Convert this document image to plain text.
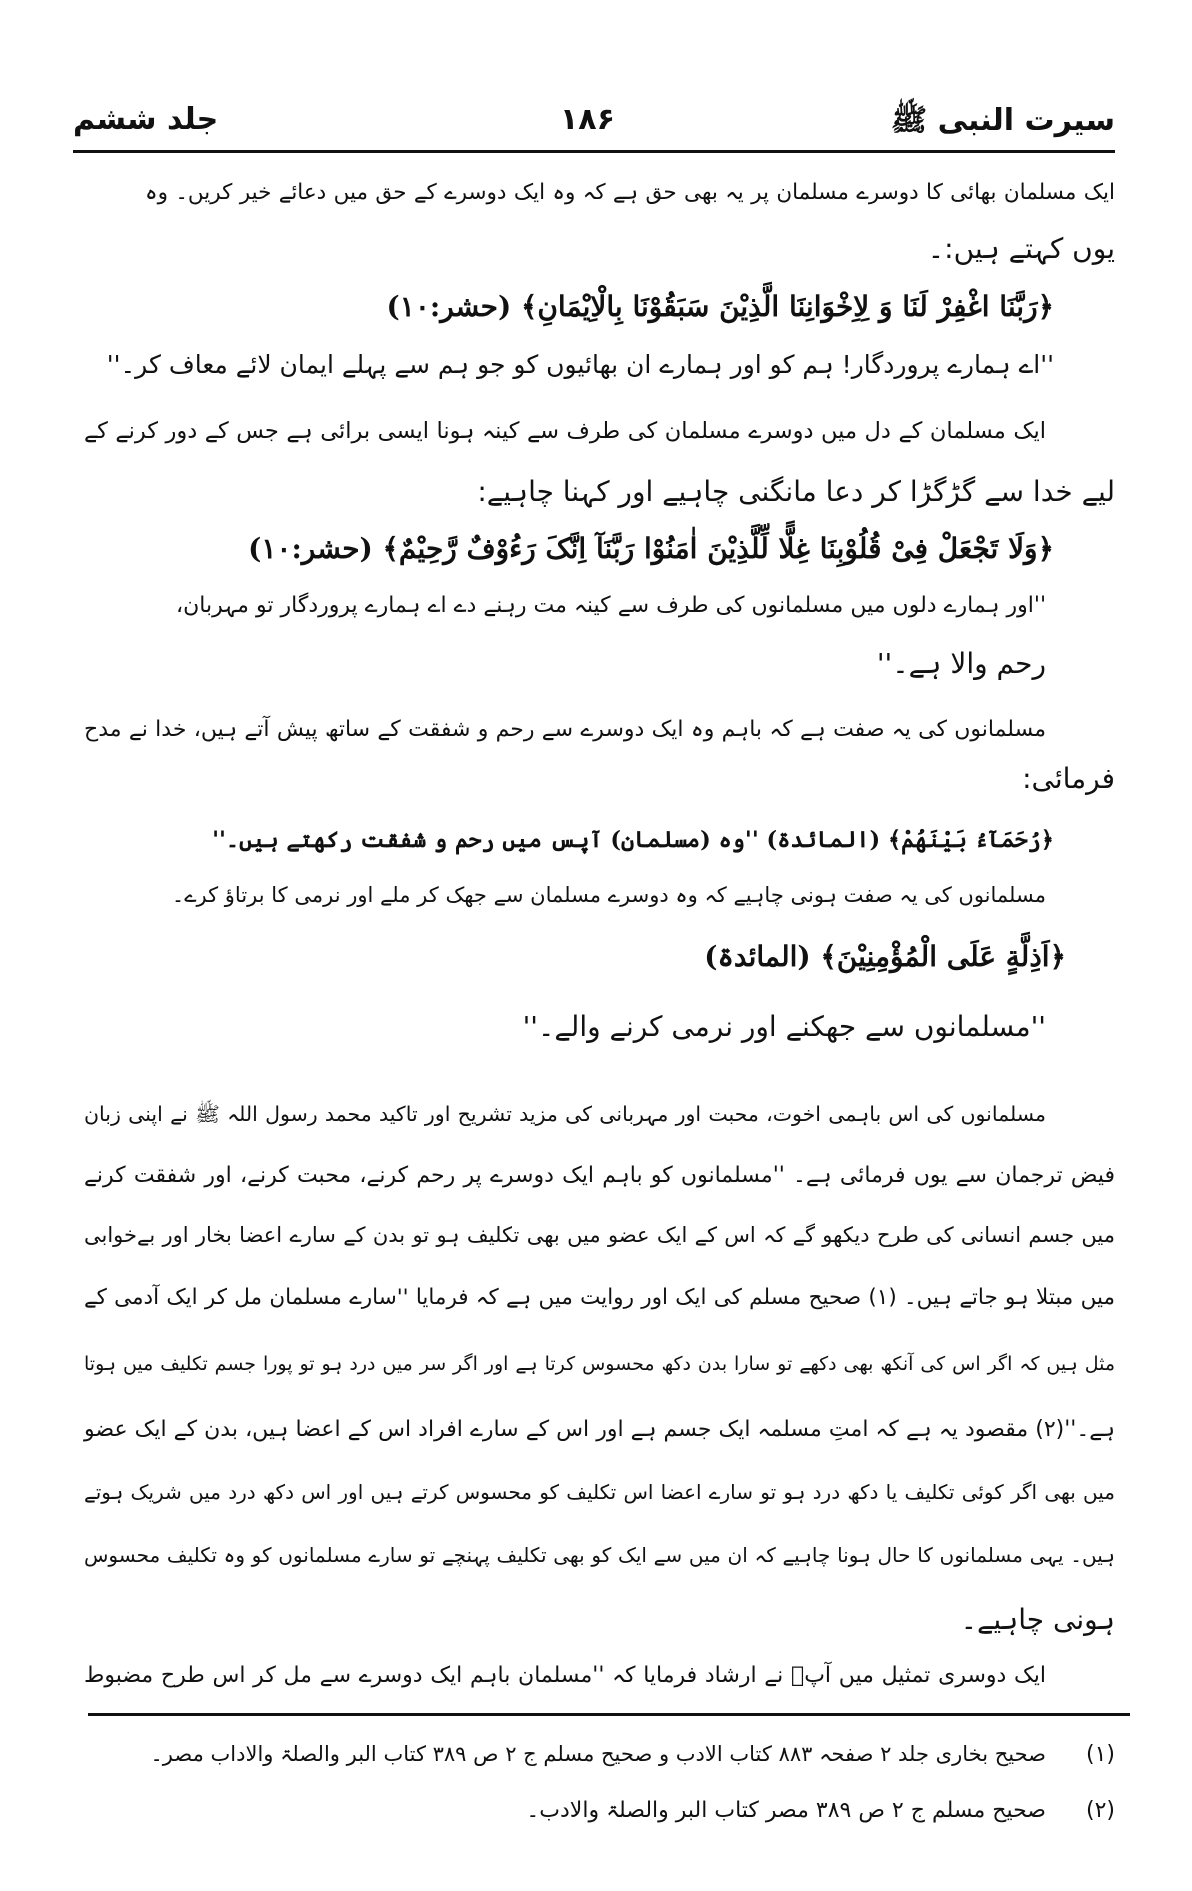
سیرت النبی ﷺ
۱۸۶
جلد ششم
ایک مسلمان بھائی کا دوسرے مسلمان پر یہ بھی حق ہے کہ وہ ایک دوسرے کے حق میں دعائے خیر کریں۔ وہ
یوں کہتے ہیں:۔
﴿رَبَّنَا اغْفِرْ لَنَا وَ لِاِخْوَانِنَا الَّذِیْنَ سَبَقُوْنَا بِالْاِیْمَانِ﴾ (حشر:۱۰)
''اے ہمارے پروردگار! ہم کو اور ہمارے ان بھائیوں کو جو ہم سے پہلے ایمان لائے معاف کر۔''
ایک مسلمان کے دل میں دوسرے مسلمان کی طرف سے کینہ ہونا ایسی برائی ہے جس کے دور کرنے کے
لیے خدا سے گڑگڑا کر دعا مانگنی چاہیے اور کہنا چاہیے:
﴿وَلَا تَجْعَلْ فِیْ قُلُوْبِنَا غِلًّا لِّلَّذِیْنَ اٰمَنُوْا رَبَّنَآ اِنَّکَ رَءُوْفٌ رَّحِیْمٌ﴾ (حشر:۱۰)
''اور ہمارے دلوں میں مسلمانوں کی طرف سے کینہ مت رہنے دے اے ہمارے پروردگار تو مہربان،
رحم والا ہے۔''
مسلمانوں کی یہ صفت ہے کہ باہم وہ ایک دوسرے سے رحم و شفقت کے ساتھ پیش آتے ہیں، خدا نے مدح
فرمائی:
﴿رُحَمَآءُ بَیْنَهُمْ﴾ (المائدۃ) ''وہ (مسلمان) آپس میں رحم و شفقت رکھتے ہیں۔''
مسلمانوں کی یہ صفت ہونی چاہیے کہ وہ دوسرے مسلمان سے جھک کر ملے اور نرمی کا برتاؤ کرے۔
﴿اَذِلَّةٍ عَلَی الْمُؤْمِنِیْنَ﴾ (المائدۃ)
''مسلمانوں سے جھکنے اور نرمی کرنے والے۔''
مسلمانوں کی اس باہمی اخوت، محبت اور مہربانی کی مزید تشریح اور تاکید محمد رسول اللہ ﷺ نے اپنی زبان
فیض ترجمان سے یوں فرمائی ہے۔ ''مسلمانوں کو باہم ایک دوسرے پر رحم کرنے، محبت کرنے، اور شفقت کرنے
میں جسم انسانی کی طرح دیکھو گے کہ اس کے ایک عضو میں بھی تکلیف ہو تو بدن کے سارے اعضا بخار اور بےخوابی
میں مبتلا ہو جاتے ہیں۔ (۱) صحیح مسلم کی ایک اور روایت میں ہے کہ فرمایا ''سارے مسلمان مل کر ایک آدمی کے
مثل ہیں کہ اگر اس کی آنکھ بھی دکھے تو سارا بدن دکھ محسوس کرتا ہے اور اگر سر میں درد ہو تو پورا جسم تکلیف میں ہوتا
ہے۔''(۲) مقصود یہ ہے کہ امتِ مسلمہ ایک جسم ہے اور اس کے سارے افراد اس کے اعضا ہیں، بدن کے ایک عضو
میں بھی اگر کوئی تکلیف یا دکھ درد ہو تو سارے اعضا اس تکلیف کو محسوس کرتے ہیں اور اس دکھ درد میں شریک ہوتے
ہیں۔ یہی مسلمانوں کا حال ہونا چاہیے کہ ان میں سے ایک کو بھی تکلیف پہنچے تو سارے مسلمانوں کو وہ تکلیف محسوس
ہونی چاہیے۔
ایک دوسری تمثیل میں آپؐ نے ارشاد فرمایا کہ ''مسلمان باہم ایک دوسرے سے مل کر اس طرح مضبوط
(۱)
صحیح بخاری جلد ۲ صفحہ ۸۸۳ کتاب الادب و صحیح مسلم ج ۲ ص ۳۸۹ کتاب البر والصلۃ والاداب مصر۔
(۲)
صحیح مسلم ج ۲ ص ۳۸۹ مصر کتاب البر والصلۃ والادب۔
